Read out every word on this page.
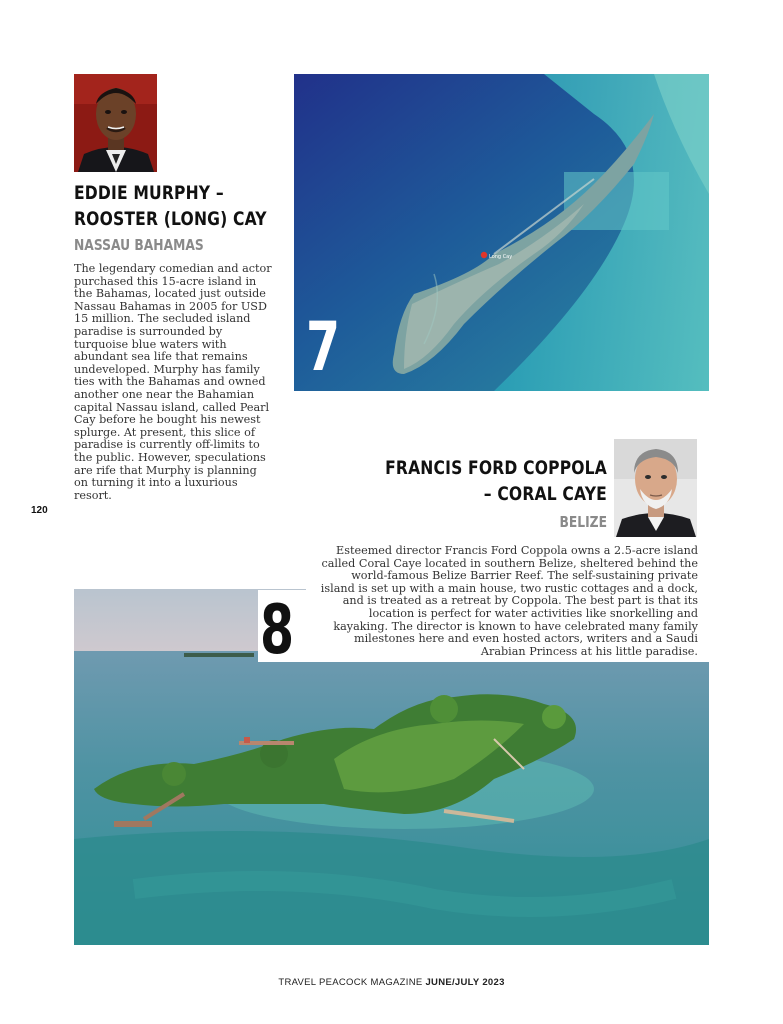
EDDIE MURPHY –
ROOSTER (LONG) CAY
NASSAU BAHAMAS
The legendary comedian and actor purchased this 15-acre island in the Bahamas, located just outside Nassau Bahamas in 2005 for USD 15 million. The secluded island paradise is surrounded by turquoise blue waters with abundant sea life that remains undeveloped. Murphy has family ties with the Bahamas and owned another one near the Bahamian capital Nassau island, called Pearl Cay before he bought his newest splurge. At present, this slice of paradise is currently off-limits to the public. However, speculations are rife that Murphy is planning on turning it into a luxurious resort.
Long Cay
7
FRANCIS FORD COPPOLA
– CORAL CAYE
BELIZE
120
8
Esteemed director Francis Ford Coppola owns a 2.5-acre island called Coral Caye located in southern Belize, sheltered behind the world-famous Belize Barrier Reef. The self-sustaining private island is set up with a main house, two rustic cottages and a dock, and is treated as a retreat by Coppola. The best part is that its location is perfect for water activities like snorkelling and kayaking. The director is known to have celebrated many family milestones here and even hosted actors, writers and a Saudi Arabian Princess at his little paradise.
TRAVEL PEACOCK MAGAZINE JUNE/JULY 2023
